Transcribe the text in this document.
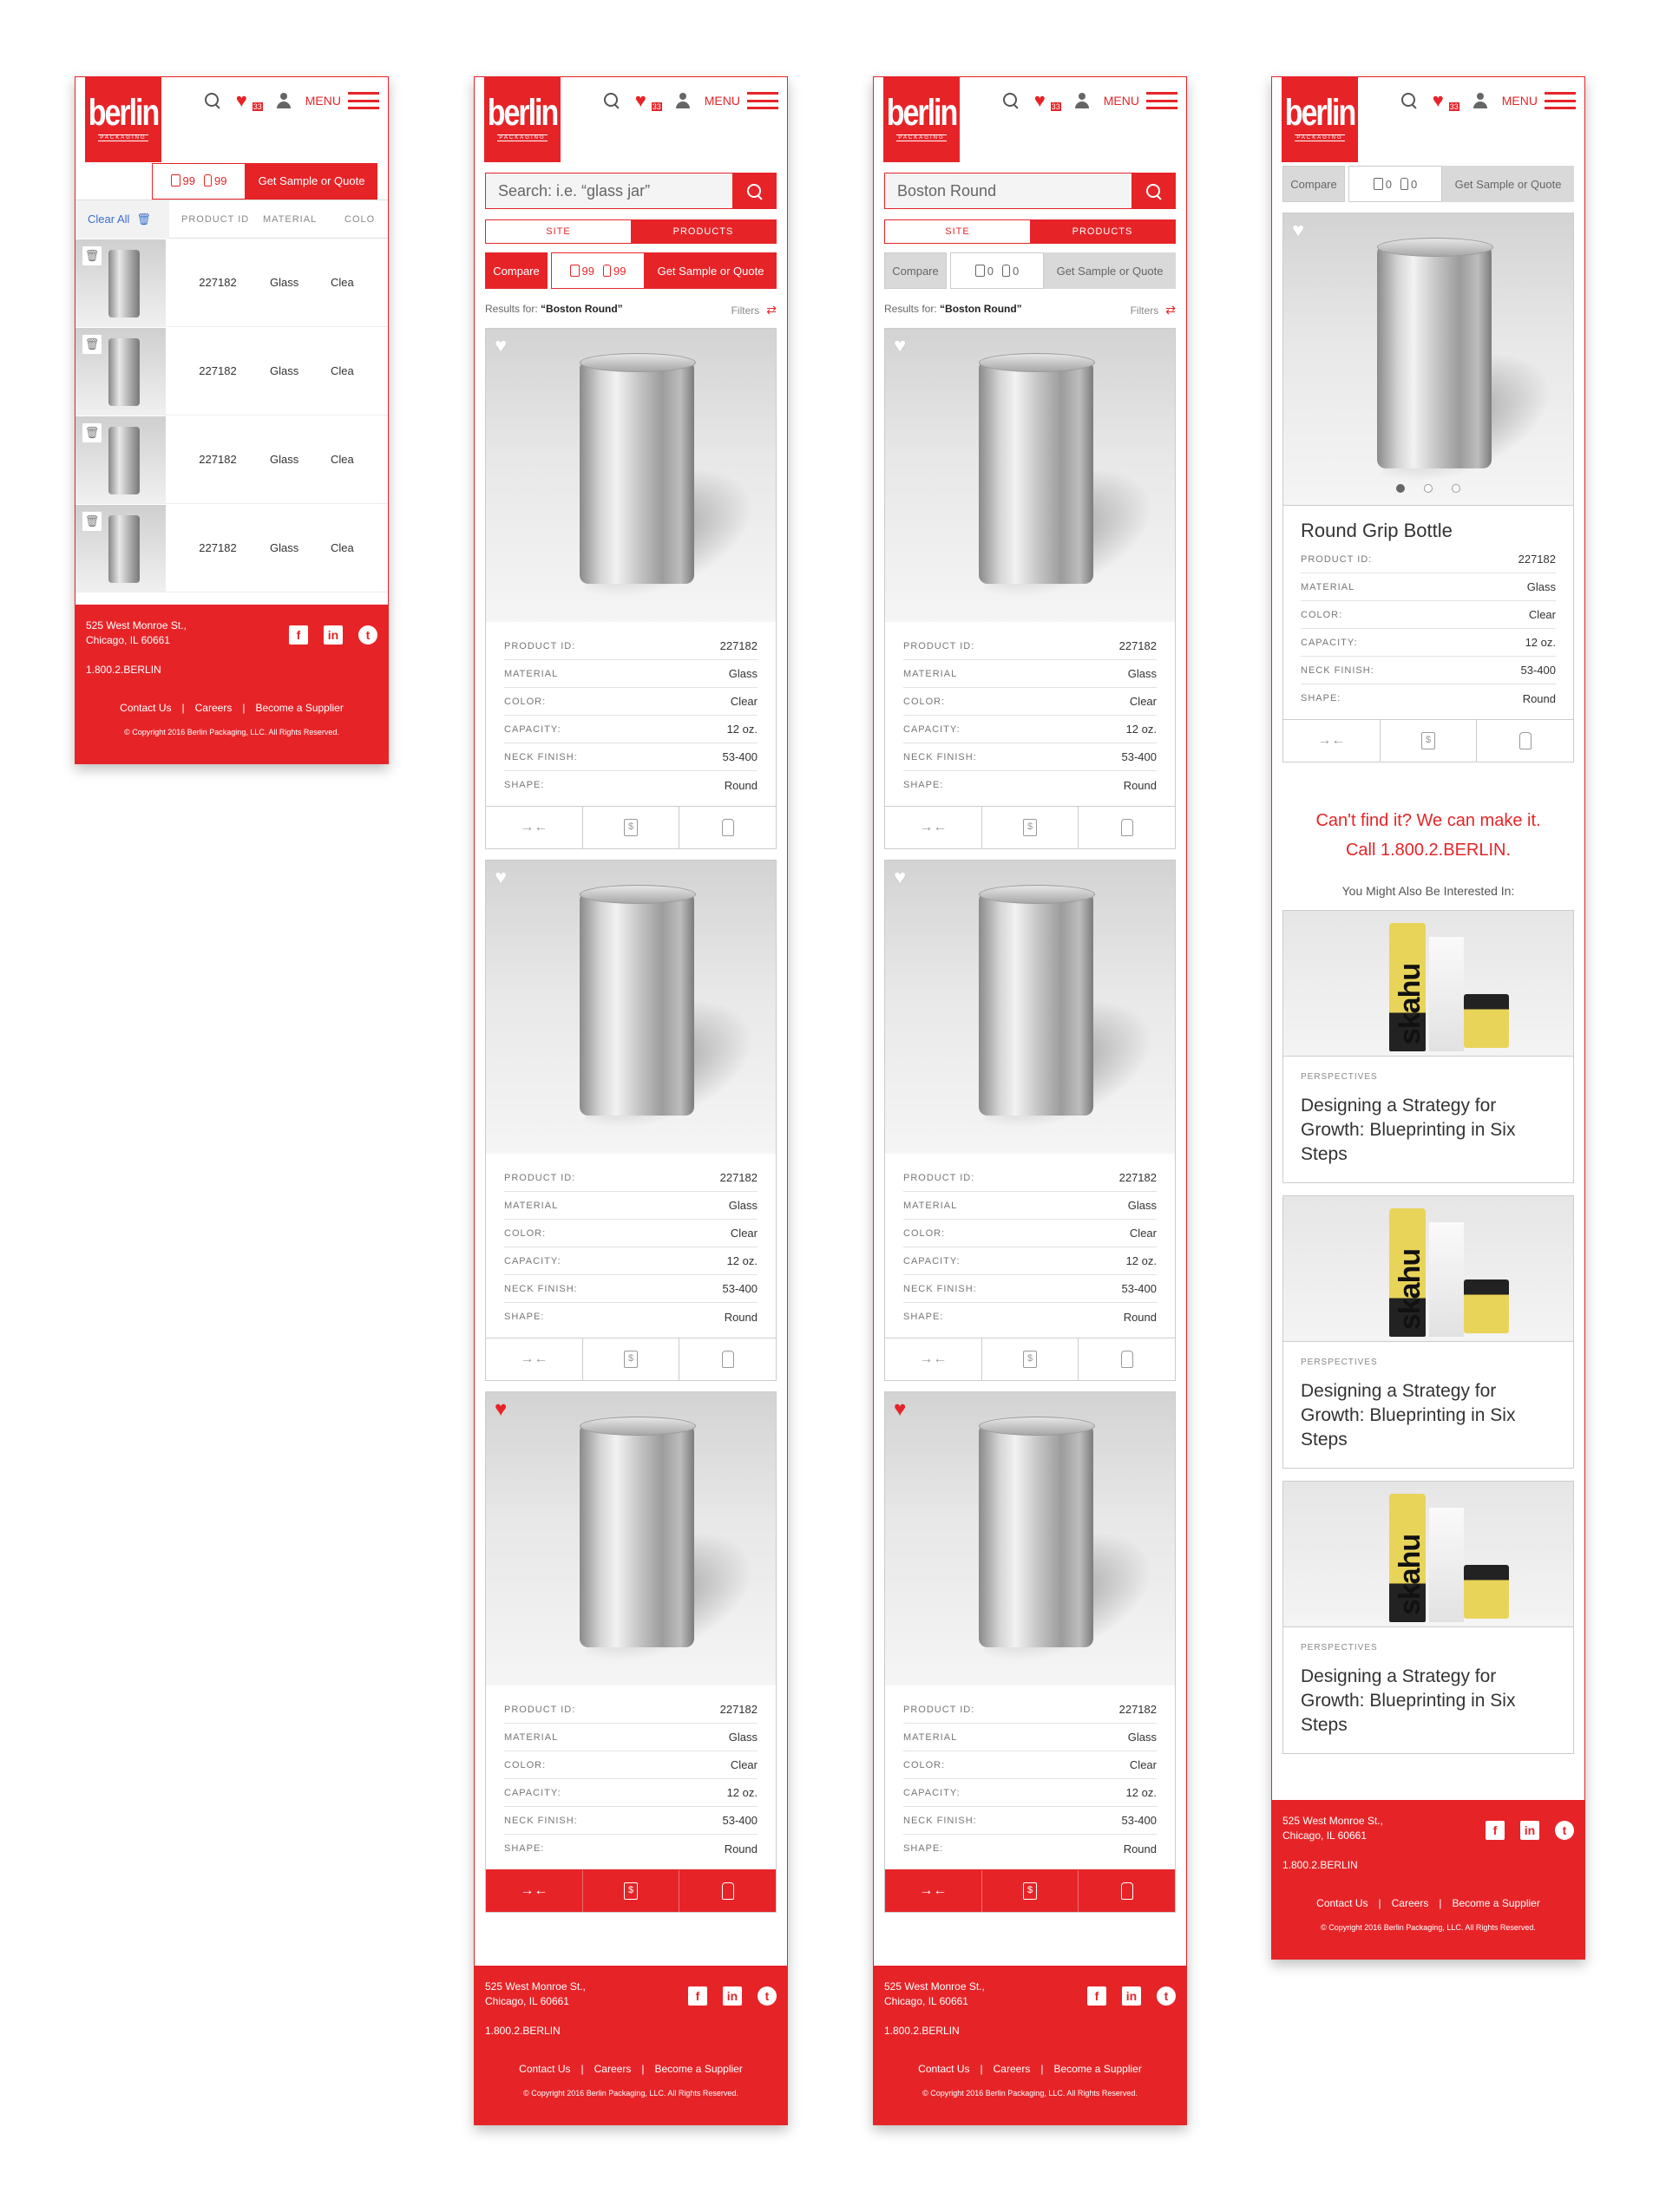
berlin
PACKAGING
♥ 33	MENU
99	99	Get Sample or Quote
Clear All 🗑	PRODUCT ID	MATERIAL	COLO
🗑
227182	Glass	Clea
🗑
227182	Glass	Clea
🗑
227182	Glass	Clea
🗑
227182	Glass	Clea
525 West Monroe St.,
Chicago, IL 60661
1.800.2.BERLIN
f	in	t
Contact Us | Careers | Become a Supplier
© Copyright 2016 Berlin Packaging, LLC. All Rights Reserved.
berlin
PACKAGING
♥ 33	MENU
Search: i.e. “glass jar”
SITE	PRODUCTS
Compare	99	99	Get Sample or Quote
Results for: “Boston Round”	Filters ⇄
♥
PRODUCT ID:	227182
MATERIAL	Glass
COLOR:	Clear
CAPACITY:	12 oz.
NECK FINISH:	53-400
SHAPE:	Round
→←	$
♥
PRODUCT ID:	227182
MATERIAL	Glass
COLOR:	Clear
CAPACITY:	12 oz.
NECK FINISH:	53-400
SHAPE:	Round
→←	$
♥
PRODUCT ID:	227182
MATERIAL	Glass
COLOR:	Clear
CAPACITY:	12 oz.
NECK FINISH:	53-400
SHAPE:	Round
→←	$
525 West Monroe St.,
Chicago, IL 60661
1.800.2.BERLIN
f	in	t
Contact Us | Careers | Become a Supplier
© Copyright 2016 Berlin Packaging, LLC. All Rights Reserved.
berlin
PACKAGING
♥ 33	MENU
Boston Round
SITE	PRODUCTS
Compare	0	0	Get Sample or Quote
Results for: “Boston Round”	Filters ⇄
♥
PRODUCT ID:	227182
MATERIAL	Glass
COLOR:	Clear
CAPACITY:	12 oz.
NECK FINISH:	53-400
SHAPE:	Round
→←	$
♥
PRODUCT ID:	227182
MATERIAL	Glass
COLOR:	Clear
CAPACITY:	12 oz.
NECK FINISH:	53-400
SHAPE:	Round
→←	$
♥
PRODUCT ID:	227182
MATERIAL	Glass
COLOR:	Clear
CAPACITY:	12 oz.
NECK FINISH:	53-400
SHAPE:	Round
→←	$
525 West Monroe St.,
Chicago, IL 60661
1.800.2.BERLIN
f	in	t
Contact Us | Careers | Become a Supplier
© Copyright 2016 Berlin Packaging, LLC. All Rights Reserved.
berlin
PACKAGING
♥ 33	MENU
Compare	0	0	Get Sample or Quote
♥
Round Grip Bottle
PRODUCT ID:	227182
MATERIAL	Glass
COLOR:	Clear
CAPACITY:	12 oz.
NECK FINISH:	53-400
SHAPE:	Round
→←	$
Can't find it? We can make it.
Call 1.800.2.BERLIN.
You Might Also Be Interested In:
skahu
PERSPECTIVES
Designing a Strategy for Growth: Blueprinting in Six Steps
skahu
PERSPECTIVES
Designing a Strategy for Growth: Blueprinting in Six Steps
skahu
PERSPECTIVES
Designing a Strategy for Growth: Blueprinting in Six Steps
525 West Monroe St.,
Chicago, IL 60661
1.800.2.BERLIN
f	in	t
Contact Us | Careers | Become a Supplier
© Copyright 2016 Berlin Packaging, LLC. All Rights Reserved.
